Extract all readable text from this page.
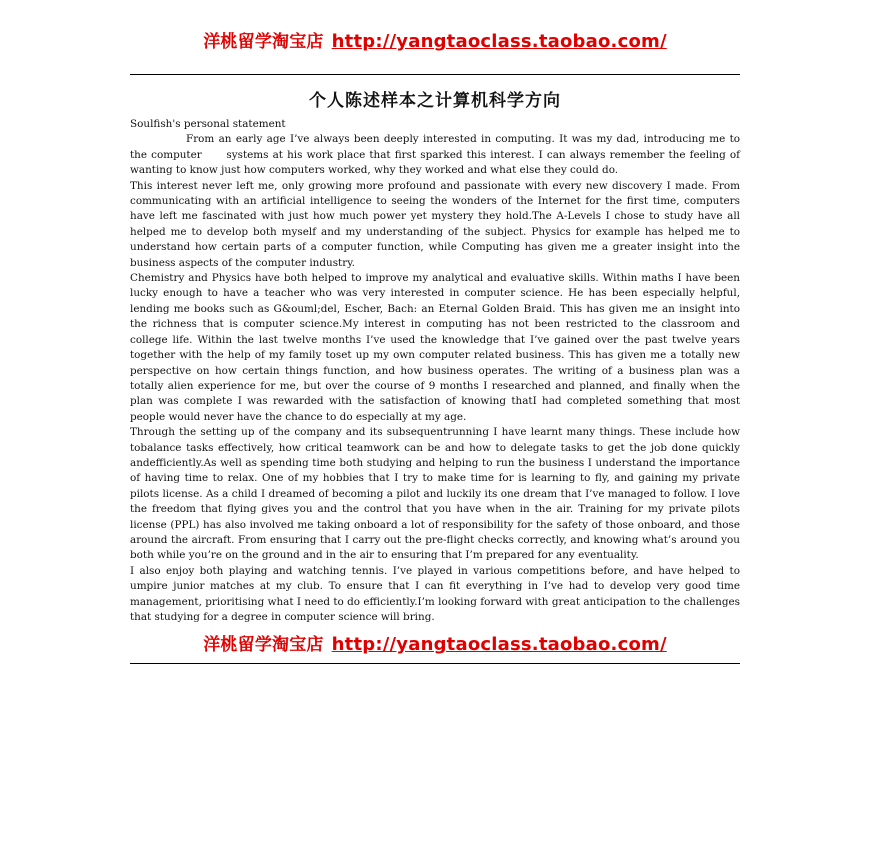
洋桃留学淘宝店 http://yangtaoclass.taobao.com/
个人陈述样本之计算机科学方向

Soulfish's personal statement

From an early age I’ve always been deeply interested in computing. It was my dad, introducing me to the computer      systems at his work place that first sparked this interest. I can always remember the feeling of wanting to know just how computers worked, why they worked and what else they could do.

This interest never left me, only growing more profound and passionate with every new discovery I made. From communicating with an artificial intelligence to seeing the wonders of the Internet for the first time, computers have left me fascinated with just how much power yet mystery they hold.The A-Levels I chose to study have all helped me to develop both myself and my understanding of the subject. Physics for example has helped me to understand how certain parts of a computer function, while Computing has given me a greater insight into the business aspects of the computer industry.

Chemistry and Physics have both helped to improve my analytical and evaluative skills. Within maths I have been lucky enough to have a teacher who was very interested in computer science. He has been especially helpful, lending me books such as G&ouml;del, Escher, Bach: an Eternal Golden Braid. This has given me an insight into the richness that is computer science.My interest in computing has not been restricted to the classroom and college life. Within the last twelve months I’ve used the knowledge that I’ve gained over the past twelve years together with the help of my family toset up my own computer related business. This has given me a totally new perspective on how certain things function, and how business operates. The writing of a business plan was a totally alien experience for me, but over the course of 9 months I researched and planned, and finally when the plan was complete I was rewarded with the satisfaction of knowing thatI had completed something that most people would never have the chance to do especially at my age.

Through the setting up of the company and its subsequentrunning I have learnt many things. These include how tobalance tasks effectively, how critical teamwork can be and how to delegate tasks to get the job done quickly andefficiently.As well as spending time both studying and helping to run the business I understand the importance of having time to relax. One of my hobbies that I try to make time for is learning to fly, and gaining my private pilots license. As a child I dreamed of becoming a pilot and luckily its one dream that I’ve managed to follow. I love the freedom that flying gives you and the control that you have when in the air. Training for my private pilots license (PPL) has also involved me taking onboard a lot of responsibility for the safety of those onboard, and those around the aircraft. From ensuring that I carry out the pre-flight checks correctly, and knowing what’s around you both while you’re on the ground and in the air to ensuring that I’m prepared for any eventuality.

I also enjoy both playing and watching tennis. I’ve played in various competitions before, and have helped to umpire junior matches at my club. To ensure that I can fit everything in I’ve had to develop very good time management, prioritising what I need to do efficiently.I’m looking forward with great anticipation to the challenges that studying for a degree in computer science will bring.

洋桃留学淘宝店 http://yangtaoclass.taobao.com/
